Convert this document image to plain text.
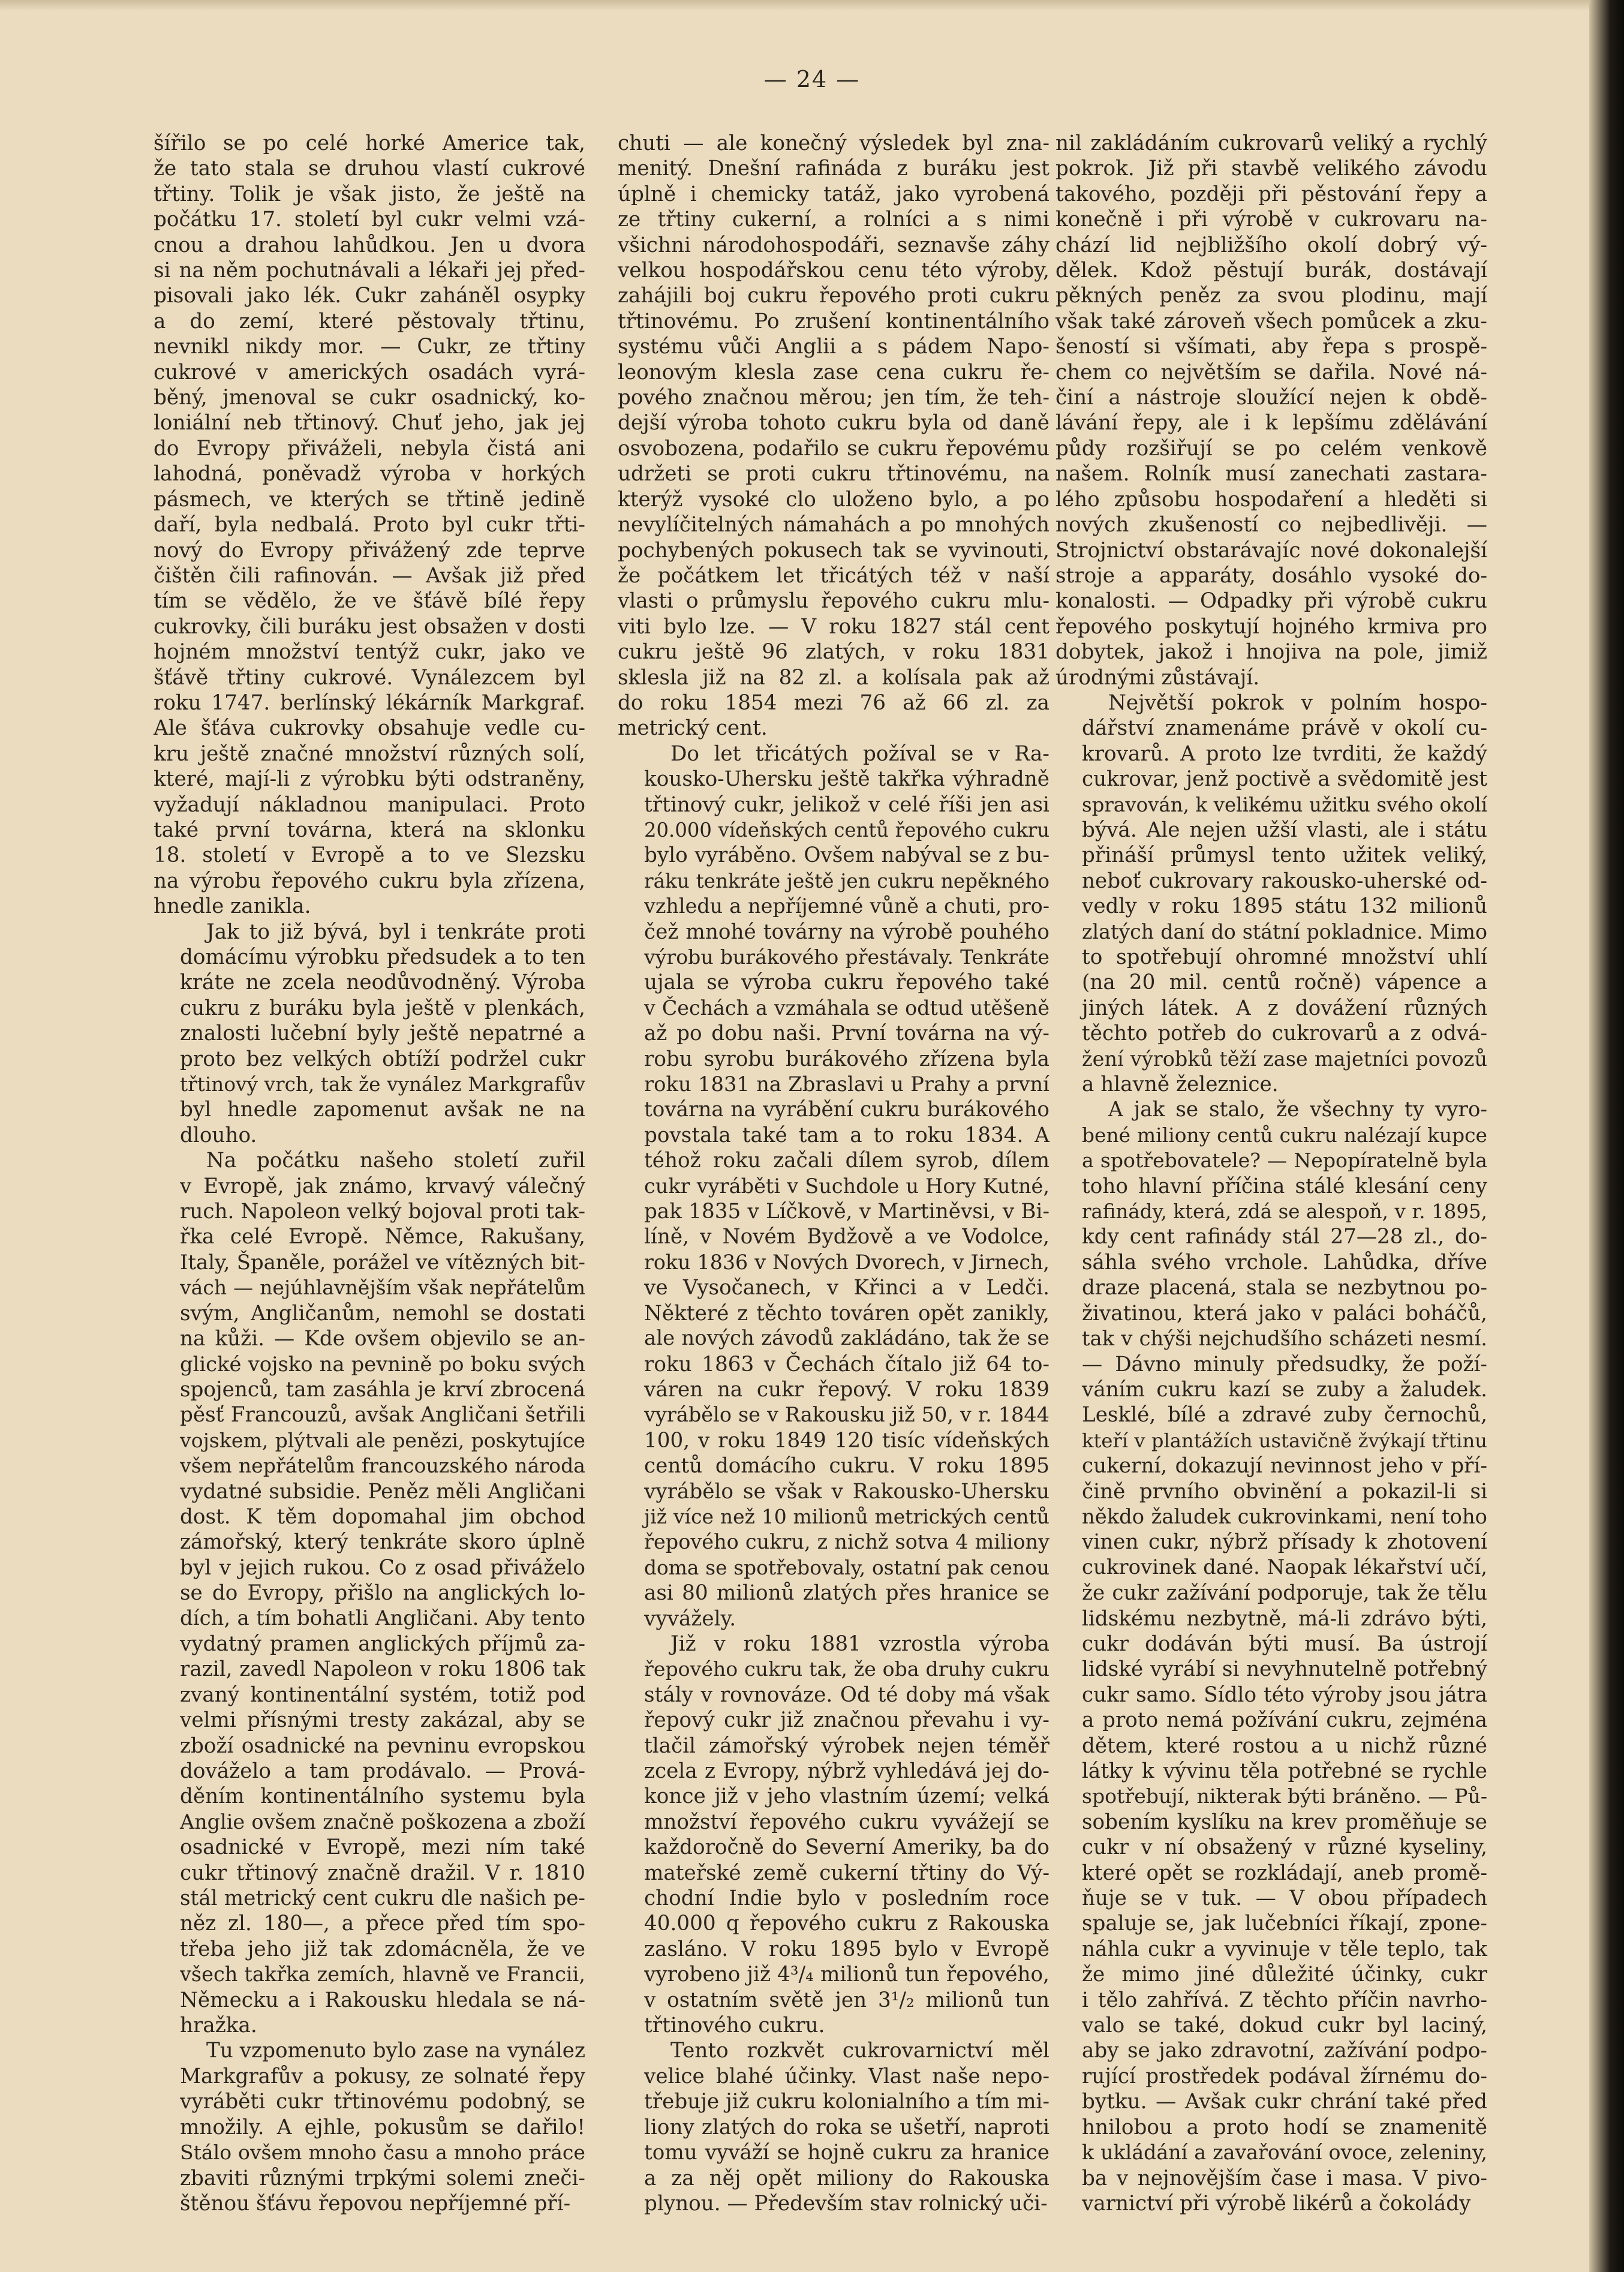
— 24 —

šířilo se po celé horké Americe tak,
že tato stala se druhou vlastí cukrové
třtiny. Tolik je však jisto, že ještě na
počátku 17. století byl cukr velmi vzá-
cnou a drahou lahůdkou. Jen u dvora
si na něm pochutnávali a lékaři jej před-
pisovali jako lék. Cukr zaháněl osypky
a do zemí, které pěstovaly třtinu,
nevnikl nikdy mor. — Cukr, ze třtiny
cukrové v amerických osadách vyrá-
běný, jmenoval se cukr osadnický, ko-
loniální neb třtinový. Chuť jeho, jak jej
do Evropy přiváželi, nebyla čistá ani
lahodná, poněvadž výroba v horkých
pásmech, ve kterých se třtině jedině
daří, byla nedbalá. Proto byl cukr třti-
nový do Evropy přivážený zde teprve
čištěn čili rafinován. — Avšak již před
tím se vědělo, že ve šťávě bílé řepy
cukrovky, čili buráku jest obsažen v dosti
hojném množství tentýž cukr, jako ve
šťávě třtiny cukrové. Vynálezcem byl
roku 1747. berlínský lékárník Markgraf.
Ale šťáva cukrovky obsahuje vedle cu-
kru ještě značné množství různých solí,
které, mají-li z výrobku býti odstraněny,
vyžadují nákladnou manipulaci. Proto
také první továrna, která na sklonku
18. století v Evropě a to ve Slezsku
na výrobu řepového cukru byla zřízena,
hnedle zanikla.

Jak to již bývá, byl i tenkráte proti
domácímu výrobku předsudek a to ten
kráte ne zcela neodůvodněný. Výroba
cukru z buráku byla ještě v plenkách,
znalosti lučební byly ještě nepatrné a
proto bez velkých obtíží podržel cukr
třtinový vrch, tak že vynález Markgrafův
byl hnedle zapomenut avšak ne na
dlouho.

Na počátku našeho století zuřil
v Evropě, jak známo, krvavý válečný
ruch. Napoleon velký bojoval proti tak-
řka celé Evropě. Němce, Rakušany,
Italy, Španěle, porážel ve vítězných bit-
vách — nejúhlavnějším však nepřátelům
svým, Angličanům, nemohl se dostati
na kůži. — Kde ovšem objevilo se an-
glické vojsko na pevnině po boku svých
spojenců, tam zasáhla je krví zbrocená
pěsť Francouzů, avšak Angličani šetřili
vojskem, plýtvali ale penězi, poskytujíce
všem nepřátelům francouzského národa
vydatné subsidie. Peněz měli Angličani
dost. K těm dopomahal jim obchod
zámořský, který tenkráte skoro úplně
byl v jejich rukou. Co z osad přiváželo
se do Evropy, přišlo na anglických lo-
dích, a tím bohatli Angličani. Aby tento
vydatný pramen anglických příjmů za-
razil, zavedl Napoleon v roku 1806 tak
zvaný kontinentální systém, totiž pod
velmi přísnými tresty zakázal, aby se
zboží osadnické na pevninu evropskou
dováželo a tam prodávalo. — Prová-
děním kontinentálního systemu byla
Anglie ovšem značně poškozena a zboží
osadnické v Evropě, mezi ním také
cukr třtinový značně dražil. V r. 1810
stál metrický cent cukru dle našich pe-
něz zl. 180—, a přece před tím spo-
třeba jeho již tak zdomácněla, že ve
všech takřka zemích, hlavně ve Francii,
Německu a i Rakousku hledala se ná-
hražka.

Tu vzpomenuto bylo zase na vynález
Markgrafův a pokusy, ze solnaté řepy
vyráběti cukr třtinovému podobný, se
množily. A ejhle, pokusům se dařilo!
Stálo ovšem mnoho času a mnoho práce
zbaviti různými trpkými solemi zneči-
štěnou šťávu řepovou nepříjemné pří-

chuti — ale konečný výsledek byl zna-
menitý. Dnešní rafináda z buráku jest
úplně i chemicky tatáž, jako vyrobená
ze třtiny cukerní, a rolníci a s nimi
všichni národohospodáři, seznavše záhy
velkou hospodářskou cenu této výroby,
zahájili boj cukru řepového proti cukru
třtinovému. Po zrušení kontinentálního
systému vůči Anglii a s pádem Napo-
leonovým klesla zase cena cukru ře-
pového značnou měrou; jen tím, že teh-
dejší výroba tohoto cukru byla od daně
osvobozena, podařilo se cukru řepovému
udržeti se proti cukru třtinovému, na
kterýž vysoké clo uloženo bylo, a po
nevylíčitelných námahách a po mnohých
pochybených pokusech tak se vyvinouti,
že počátkem let třicátých též v naší
vlasti o průmyslu řepového cukru mlu-
viti bylo lze. — V roku 1827 stál cent
cukru ještě 96 zlatých, v roku 1831
sklesla již na 82 zl. a kolísala pak až
do roku 1854 mezi 76 až 66 zl. za
metrický cent.

Do let třicátých požíval se v Ra-
kousko-Uhersku ještě takřka výhradně
třtinový cukr, jelikož v celé říši jen asi
20.000 vídeňských centů řepového cukru
bylo vyráběno. Ovšem nabýval se z bu-
ráku tenkráte ještě jen cukru nepěkného
vzhledu a nepříjemné vůně a chuti, pro-
čež mnohé továrny na výrobě pouhého
výrobu burákového přestávaly. Tenkráte
ujala se výroba cukru řepového také
v Čechách a vzmáhala se odtud utěšeně
až po dobu naši. První továrna na vý-
robu syrobu burákového zřízena byla
roku 1831 na Zbraslavi u Prahy a první
továrna na vyrábění cukru burákového
povstala také tam a to roku 1834. A
téhož roku začali dílem syrob, dílem
cukr vyráběti v Suchdole u Hory Kutné,
pak 1835 v Líčkově, v Martiněvsi, v Bi-
líně, v Novém Bydžově a ve Vodolce,
roku 1836 v Nových Dvorech, v Jirnech,
ve Vysočanech, v Křinci a v Ledči.
Některé z těchto továren opět zanikly,
ale nových závodů zakládáno, tak že se
roku 1863 v Čechách čítalo již 64 to-
váren na cukr řepový. V roku 1839
vyrábělo se v Rakousku již 50, v r. 1844
100, v roku 1849 120 tisíc vídeňských
centů domácího cukru. V roku 1895
vyrábělo se však v Rakousko-Uhersku
již více než 10 milionů metrických centů
řepového cukru, z nichž sotva 4 miliony
doma se spotřebovaly, ostatní pak cenou
asi 80 milionů zlatých přes hranice se
vyvážely.

Již v roku 1881 vzrostla výroba
řepového cukru tak, že oba druhy cukru
stály v rovnováze. Od té doby má však
řepový cukr již značnou převahu i vy-
tlačil zámořský výrobek nejen téměř
zcela z Evropy, nýbrž vyhledává jej do-
konce již v jeho vlastním území; velká
množství řepového cukru vyvážejí se
každoročně do Severní Ameriky, ba do
mateřské země cukerní třtiny do Vý-
chodní Indie bylo v posledním roce
40.000 q řepového cukru z Rakouska
zasláno. V roku 1895 bylo v Evropě
vyrobeno již 4³/₄ milionů tun řepového,
v ostatním světě jen 3¹/₂ milionů tun
třtinového cukru.

Tento rozkvět cukrovarnictví měl
velice blahé účinky. Vlast naše nepo-
třebuje již cukru kolonialního a tím mi-
liony zlatých do roka se ušetří, naproti
tomu vyváží se hojně cukru za hranice
a za něj opět miliony do Rakouska
plynou. — Především stav rolnický uči-

nil zakládáním cukrovarů veliký a rychlý
pokrok. Již při stavbě velikého závodu
takového, později při pěstování řepy a
konečně i při výrobě v cukrovaru na-
chází lid nejbližšího okolí dobrý vý-
dělek. Kdož pěstují burák, dostávají
pěkných peněz za svou plodinu, mají
však také zároveň všech pomůcek a zku-
šeností si všímati, aby řepa s prospě-
chem co největším se dařila. Nové ná-
činí a nástroje sloužící nejen k obdě-
lávání řepy, ale i k lepšímu zdělávání
půdy rozšiřují se po celém venkově
našem. Rolník musí zanechati zastara-
lého způsobu hospodaření a hleděti si
nových zkušeností co nejbedlivěji. —
Strojnictví obstarávajíc nové dokonalejší
stroje a apparáty, dosáhlo vysoké do-
konalosti. — Odpadky při výrobě cukru
řepového poskytují hojného krmiva pro
dobytek, jakož i hnojiva na pole, jimiž
úrodnými zůstávají.

Největší pokrok v polním hospo-
dářství znamenáme právě v okolí cu-
krovarů. A proto lze tvrditi, že každý
cukrovar, jenž poctivě a svědomitě jest
spravován, k velikému užitku svého okolí
bývá. Ale nejen užší vlasti, ale i státu
přináší průmysl tento užitek veliký,
neboť cukrovary rakousko-uherské od-
vedly v roku 1895 státu 132 milionů
zlatých daní do státní pokladnice. Mimo
to spotřebují ohromné množství uhlí
(na 20 mil. centů ročně) vápence a
jiných látek. A z dovážení různých
těchto potřeb do cukrovarů a z odvá-
žení výrobků těží zase majetníci povozů
a hlavně železnice.

A jak se stalo, že všechny ty vyro-
bené miliony centů cukru nalézají kupce
a spotřebovatele? — Nepopíratelně byla
toho hlavní příčina stálé klesání ceny
rafinády, která, zdá se alespoň, v r. 1895,
kdy cent rafinády stál 27—28 zl., do-
sáhla svého vrchole. Lahůdka, dříve
draze placená, stala se nezbytnou po-
živatinou, která jako v paláci boháčů,
tak v chýši nejchudšího scházeti nesmí.
— Dávno minuly předsudky, že poží-
váním cukru kazí se zuby a žaludek.
Lesklé, bílé a zdravé zuby černochů,
kteří v plantážích ustavičně žvýkají třtinu
cukerní, dokazují nevinnost jeho v pří-
čině prvního obvinění a pokazil-li si
někdo žaludek cukrovinkami, není toho
vinen cukr, nýbrž přísady k zhotovení
cukrovinek dané. Naopak lékařství učí,
že cukr zažívání podporuje, tak že tělu
lidskému nezbytně, má-li zdrávo býti,
cukr dodáván býti musí. Ba ústrojí
lidské vyrábí si nevyhnutelně potřebný
cukr samo. Sídlo této výroby jsou játra
a proto nemá požívání cukru, zejména
dětem, které rostou a u nichž různé
látky k vývinu těla potřebné se rychle
spotřebují, nikterak býti bráněno. — Pů-
sobením kyslíku na krev proměňuje se
cukr v ní obsažený v různé kyseliny,
které opět se rozkládají, aneb promě-
ňuje se v tuk. — V obou případech
spaluje se, jak lučebníci říkají, zpone-
náhla cukr a vyvinuje v těle teplo, tak
že mimo jiné důležité účinky, cukr
i tělo zahřívá. Z těchto příčin navrho-
valo se také, dokud cukr byl laciný,
aby se jako zdravotní, zažívání podpo-
rující prostředek podával žírnému do-
bytku. — Avšak cukr chrání také před
hnilobou a proto hodí se znamenitě
k ukládání a zavařování ovoce, zeleniny,
ba v nejnovějším čase i masa. V pivo-
varnictví při výrobě likérů a čokolády
